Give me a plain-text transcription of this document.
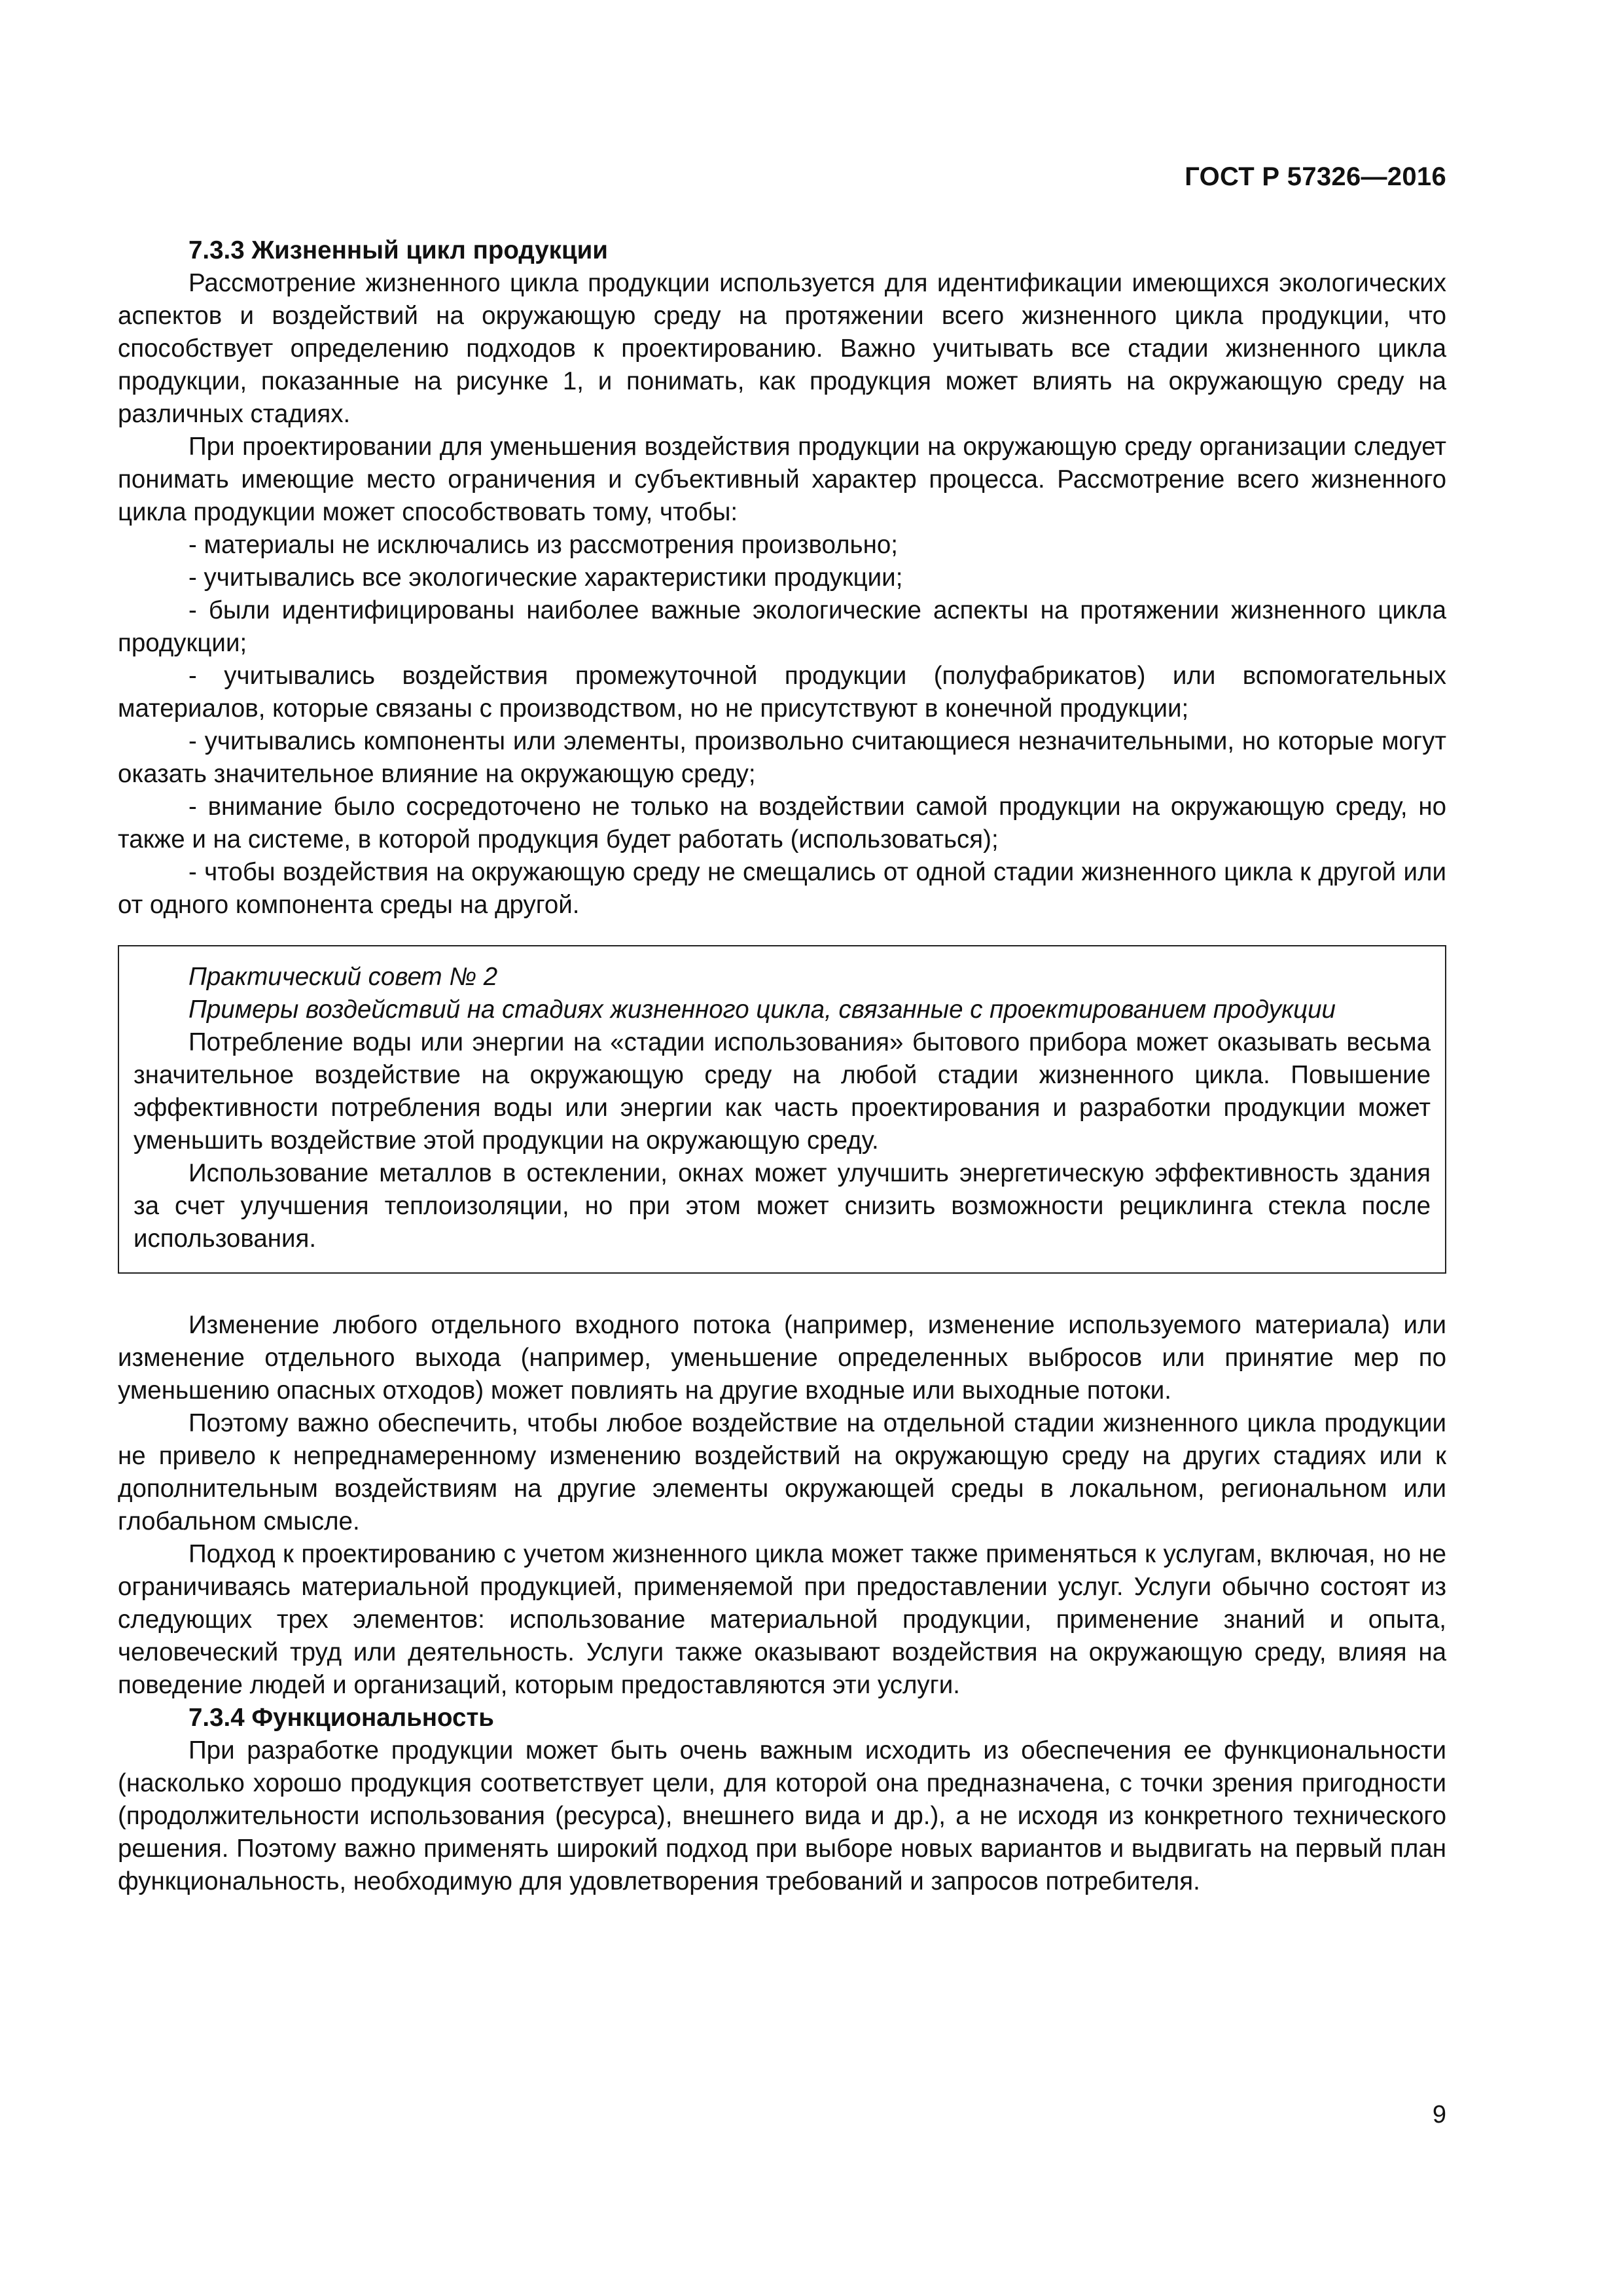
ГОСТ Р 57326—2016
7.3.3 Жизненный цикл продукции

Рассмотрение жизненного цикла продукции используется для идентификации имеющихся экологических аспектов и воздействий на окружающую среду на протяжении всего жизненного цикла продукции, что способствует определению подходов к проектированию. Важно учитывать все стадии жизненного цикла продукции, показанные на рисунке 1, и понимать, как продукция может влиять на окружающую среду на различных стадиях.

При проектировании для уменьшения воздействия продукции на окружающую среду организации следует понимать имеющие место ограничения и субъективный характер процесса. Рассмотрение всего жизненного цикла продукции может способствовать тому, чтобы:

- материалы не исключались из рассмотрения произвольно;

- учитывались все экологические характеристики продукции;

- были идентифицированы наиболее важные экологические аспекты на протяжении жизненного цикла продукции;

- учитывались воздействия промежуточной продукции (полуфабрикатов) или вспомогательных материалов, которые связаны с производством, но не присутствуют в конечной продукции;

- учитывались компоненты или элементы, произвольно считающиеся незначительными, но которые могут оказать значительное влияние на окружающую среду;

- внимание было сосредоточено не только на воздействии самой продукции на окружающую среду, но также и на системе, в которой продукция будет работать (использоваться);

- чтобы воздействия на окружающую среду не смещались от одной стадии жизненного цикла к другой или от одного компонента среды на другой.

Практический совет № 2

Примеры воздействий на стадиях жизненного цикла, связанные с проектированием продукции

Потребление воды или энергии на «стадии использования» бытового прибора может оказывать весьма значительное воздействие на окружающую среду на любой стадии жизненного цикла. Повышение эффективности потребления воды или энергии как часть проектирования и разработки продукции может уменьшить воздействие этой продукции на окружающую среду.

Использование металлов в остеклении, окнах может улучшить энергетическую эффективность здания за счет улучшения теплоизоляции, но при этом может снизить возможности рециклинга стекла после использования.

Изменение любого отдельного входного потока (например, изменение используемого материала) или изменение отдельного выхода (например, уменьшение определенных выбросов или принятие мер по уменьшению опасных отходов) может повлиять на другие входные или выходные потоки.

Поэтому важно обеспечить, чтобы любое воздействие на отдельной стадии жизненного цикла продукции не привело к непреднамеренному изменению воздействий на окружающую среду на других стадиях или к дополнительным воздействиям на другие элементы окружающей среды в локальном, региональном или глобальном смысле.

Подход к проектированию с учетом жизненного цикла может также применяться к услугам, включая, но не ограничиваясь материальной продукцией, применяемой при предоставлении услуг. Услуги обычно состоят из следующих трех элементов: использование материальной продукции, применение знаний и опыта, человеческий труд или деятельность. Услуги также оказывают воздействия на окружающую среду, влияя на поведение людей и организаций, которым предоставляются эти услуги.

7.3.4 Функциональность

При разработке продукции может быть очень важным исходить из обеспечения ее функциональности (насколько хорошо продукция соответствует цели, для которой она предназначена, с точки зрения пригодности (продолжительности использования (ресурса), внешнего вида и др.), а не исходя из конкретного технического решения. Поэтому важно применять широкий подход при выборе новых вариантов и выдвигать на первый план функциональность, необходимую для удовлетворения требований и запросов потребителя.

9
